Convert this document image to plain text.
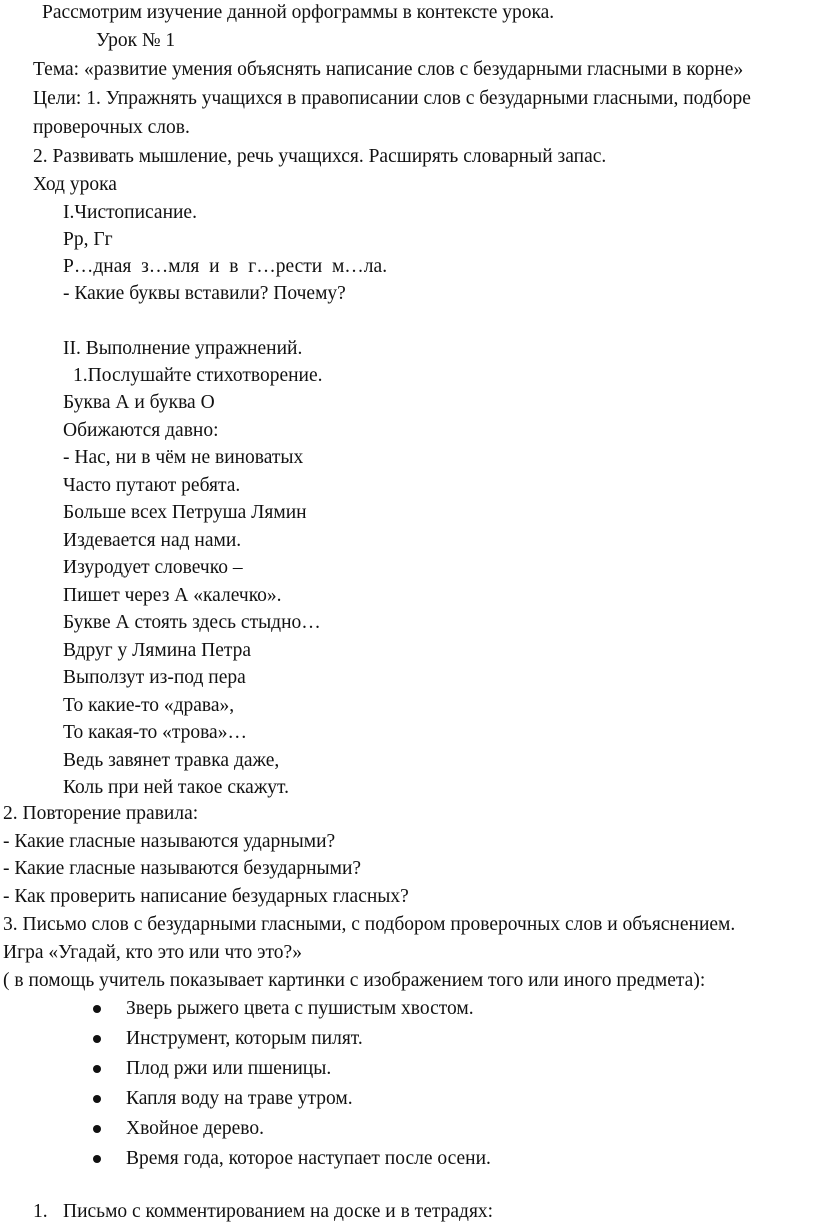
Рассмотрим изучение данной орфограммы в контексте урока.

Урок № 1

Тема: «развитие умения объяснять написание слов с безударными гласными в корне»

Цели: 1. Упражнять учащихся в правописании слов с безударными гласными, подборе

проверочных слов.

2. Развивать мышление, речь учащихся. Расширять словарный запас.

Ход урока

I.Чистописание.

Рр, Гг

Р…дная  з…мля  и  в  г…рести  м…ла.

- Какие буквы вставили? Почему?

II. Выполнение упражнений.

1.Послушайте стихотворение.

Буква А и буква О

Обижаются давно:

- Нас, ни в чём не виноватых

Часто путают ребята.

Больше всех Петруша Лямин

Издевается над нами.

Изуродует словечко –

Пишет через А «калечко».

Букве А стоять здесь стыдно…

Вдруг у Лямина Петра

Выползут из-под пера

То какие-то «драва»,

То какая-то «трова»…

Ведь завянет травка даже,

Коль при ней такое скажут.

2. Повторение правила:

- Какие гласные называются ударными?

- Какие гласные называются безударными?

- Как проверить написание безударных гласных?

3. Письмо слов с безударными гласными, с подбором проверочных слов и объяснением.

Игра «Угадай, кто это или что это?»

( в помощь учитель показывает картинки с изображением того или иного предмета):

Зверь рыжего цвета с пушистым хвостом.

Инструмент, которым пилят.

Плод ржи или пшеницы.

Капля воду на траве утром.

Хвойное дерево.

Время года, которое наступает после осени.

1. Письмо с комментированием на доске и в тетрадях:
